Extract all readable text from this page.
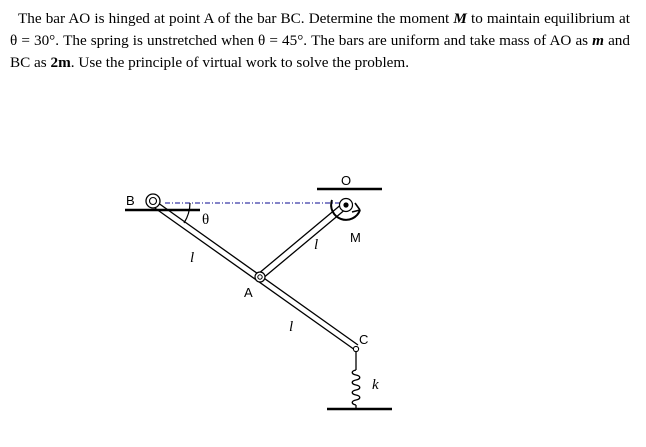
The bar AO is hinged at point A of the bar BC. Determine the moment M to maintain equilibrium at θ = 30°. The spring is unstretched when θ = 45°. The bars are uniform and take mass of AO as m and BC as 2m. Use the principle of virtual work to solve the problem.

B
O
M
A
C
θ
l
l
l
k
